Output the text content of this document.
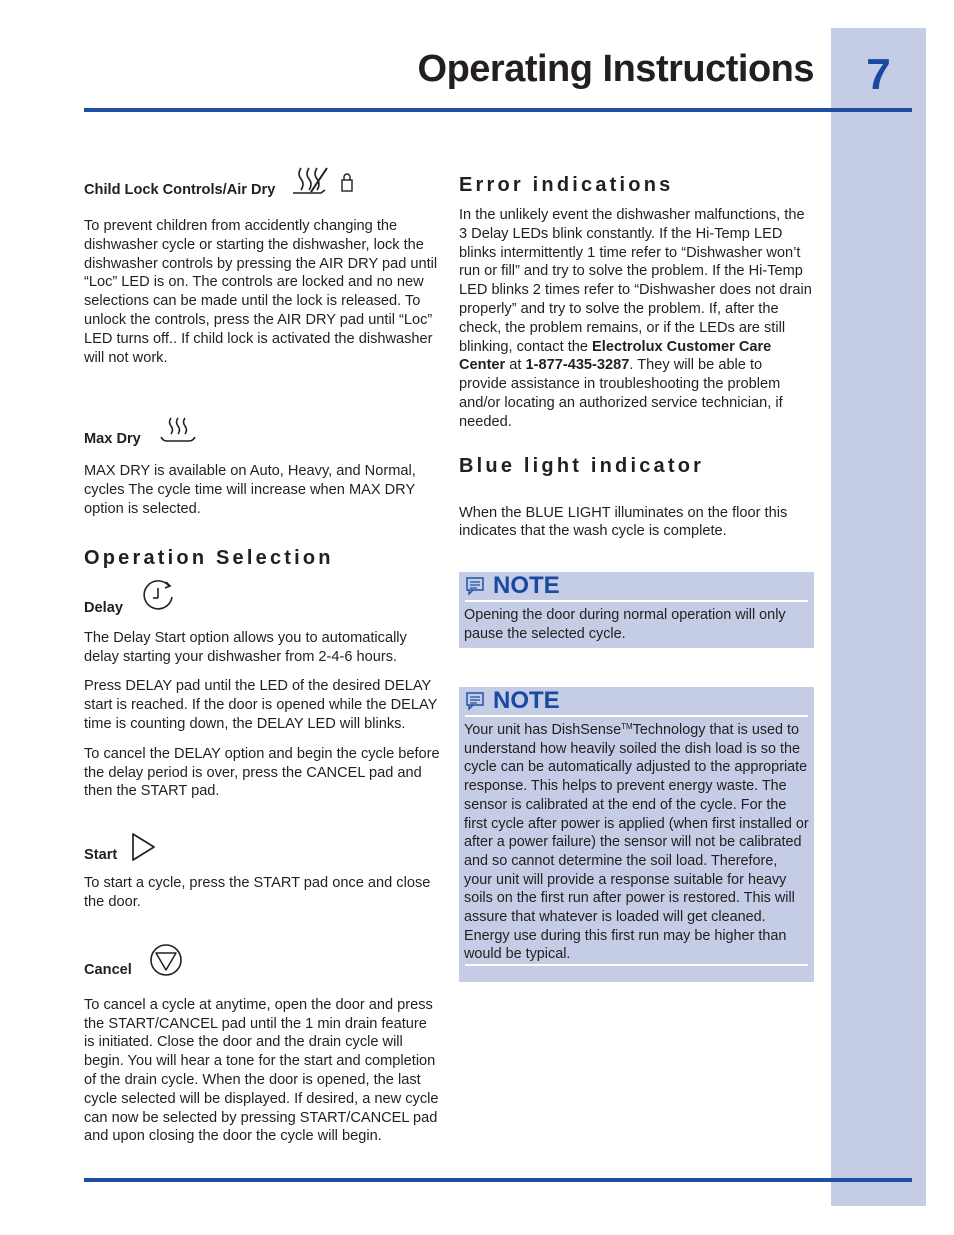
7
Operating Instructions
Child Lock Controls/Air Dry

To prevent children from accidently changing the dishwasher cycle or starting the dishwasher, lock the dishwasher controls by pressing the AIR DRY pad until “Loc” LED is on. The controls are locked and no new selections can be made until the lock is released. To unlock the controls, press the AIR DRY pad until “Loc” LED turns off.. If child lock is activated the dishwasher will not work.

Max Dry

MAX DRY is available on Auto, Heavy, and Normal, cycles The cycle time will increase when MAX DRY option is selected.

Operation Selection
Delay

The Delay Start option allows you to automatically delay starting your dishwasher from 2-4-6 hours.

Press DELAY pad until the LED of the desired DELAY start is reached. If the door is opened while the DELAY time is counting down, the DELAY LED will blinks.

To cancel the DELAY option and begin the cycle before the delay period is over, press the CANCEL pad and then the START pad.

Start

To start a cycle, press the START pad once and close the door.

Cancel

To cancel a cycle at anytime, open the door and press the START/CANCEL pad until the 1 min drain feature is initiated. Close the door and the drain cycle will begin. You will hear a tone for the start and completion of the drain cycle. When the door is opened, the last cycle selected will be displayed. If desired, a new cycle can now be selected by pressing START/CANCEL pad and upon closing the door the cycle will begin.

Error indications

In the unlikely event the dishwasher malfunctions, the 3 Delay LEDs blink constantly. If the Hi-Temp LED blinks intermittently 1 time refer to “Dishwasher won’t run or fill” and try to solve the problem. If the Hi-Temp LED blinks 2 times refer to “Dishwasher does not drain properly” and try to solve the problem. If, after the check, the problem remains, or if the LEDs are still blinking, contact the Electrolux Customer Care Center at 1-877-435-3287. They will be able to provide assistance in troubleshooting the problem and/or locating an authorized service technician, if needed.

Blue light indicator

When the BLUE LIGHT illuminates on the floor this indicates that the wash cycle is complete.

NOTE

Opening the door during normal operation will only pause the selected cycle.

NOTE

Your unit has DishSense™Technology that is used to understand how heavily soiled the dish load is so the cycle can be automatically adjusted to the appropriate response. This helps to prevent energy waste. The sensor is calibrated at the end of the cycle. For the first cycle after power is applied (when first installed or after a power failure) the sensor will not be calibrated and so cannot determine the soil load. Therefore, your unit will provide a response suitable for heavy soils on the first run after power is restored. This will assure that whatever is loaded will get cleaned. Energy use during this first run may be higher than would be typical.
